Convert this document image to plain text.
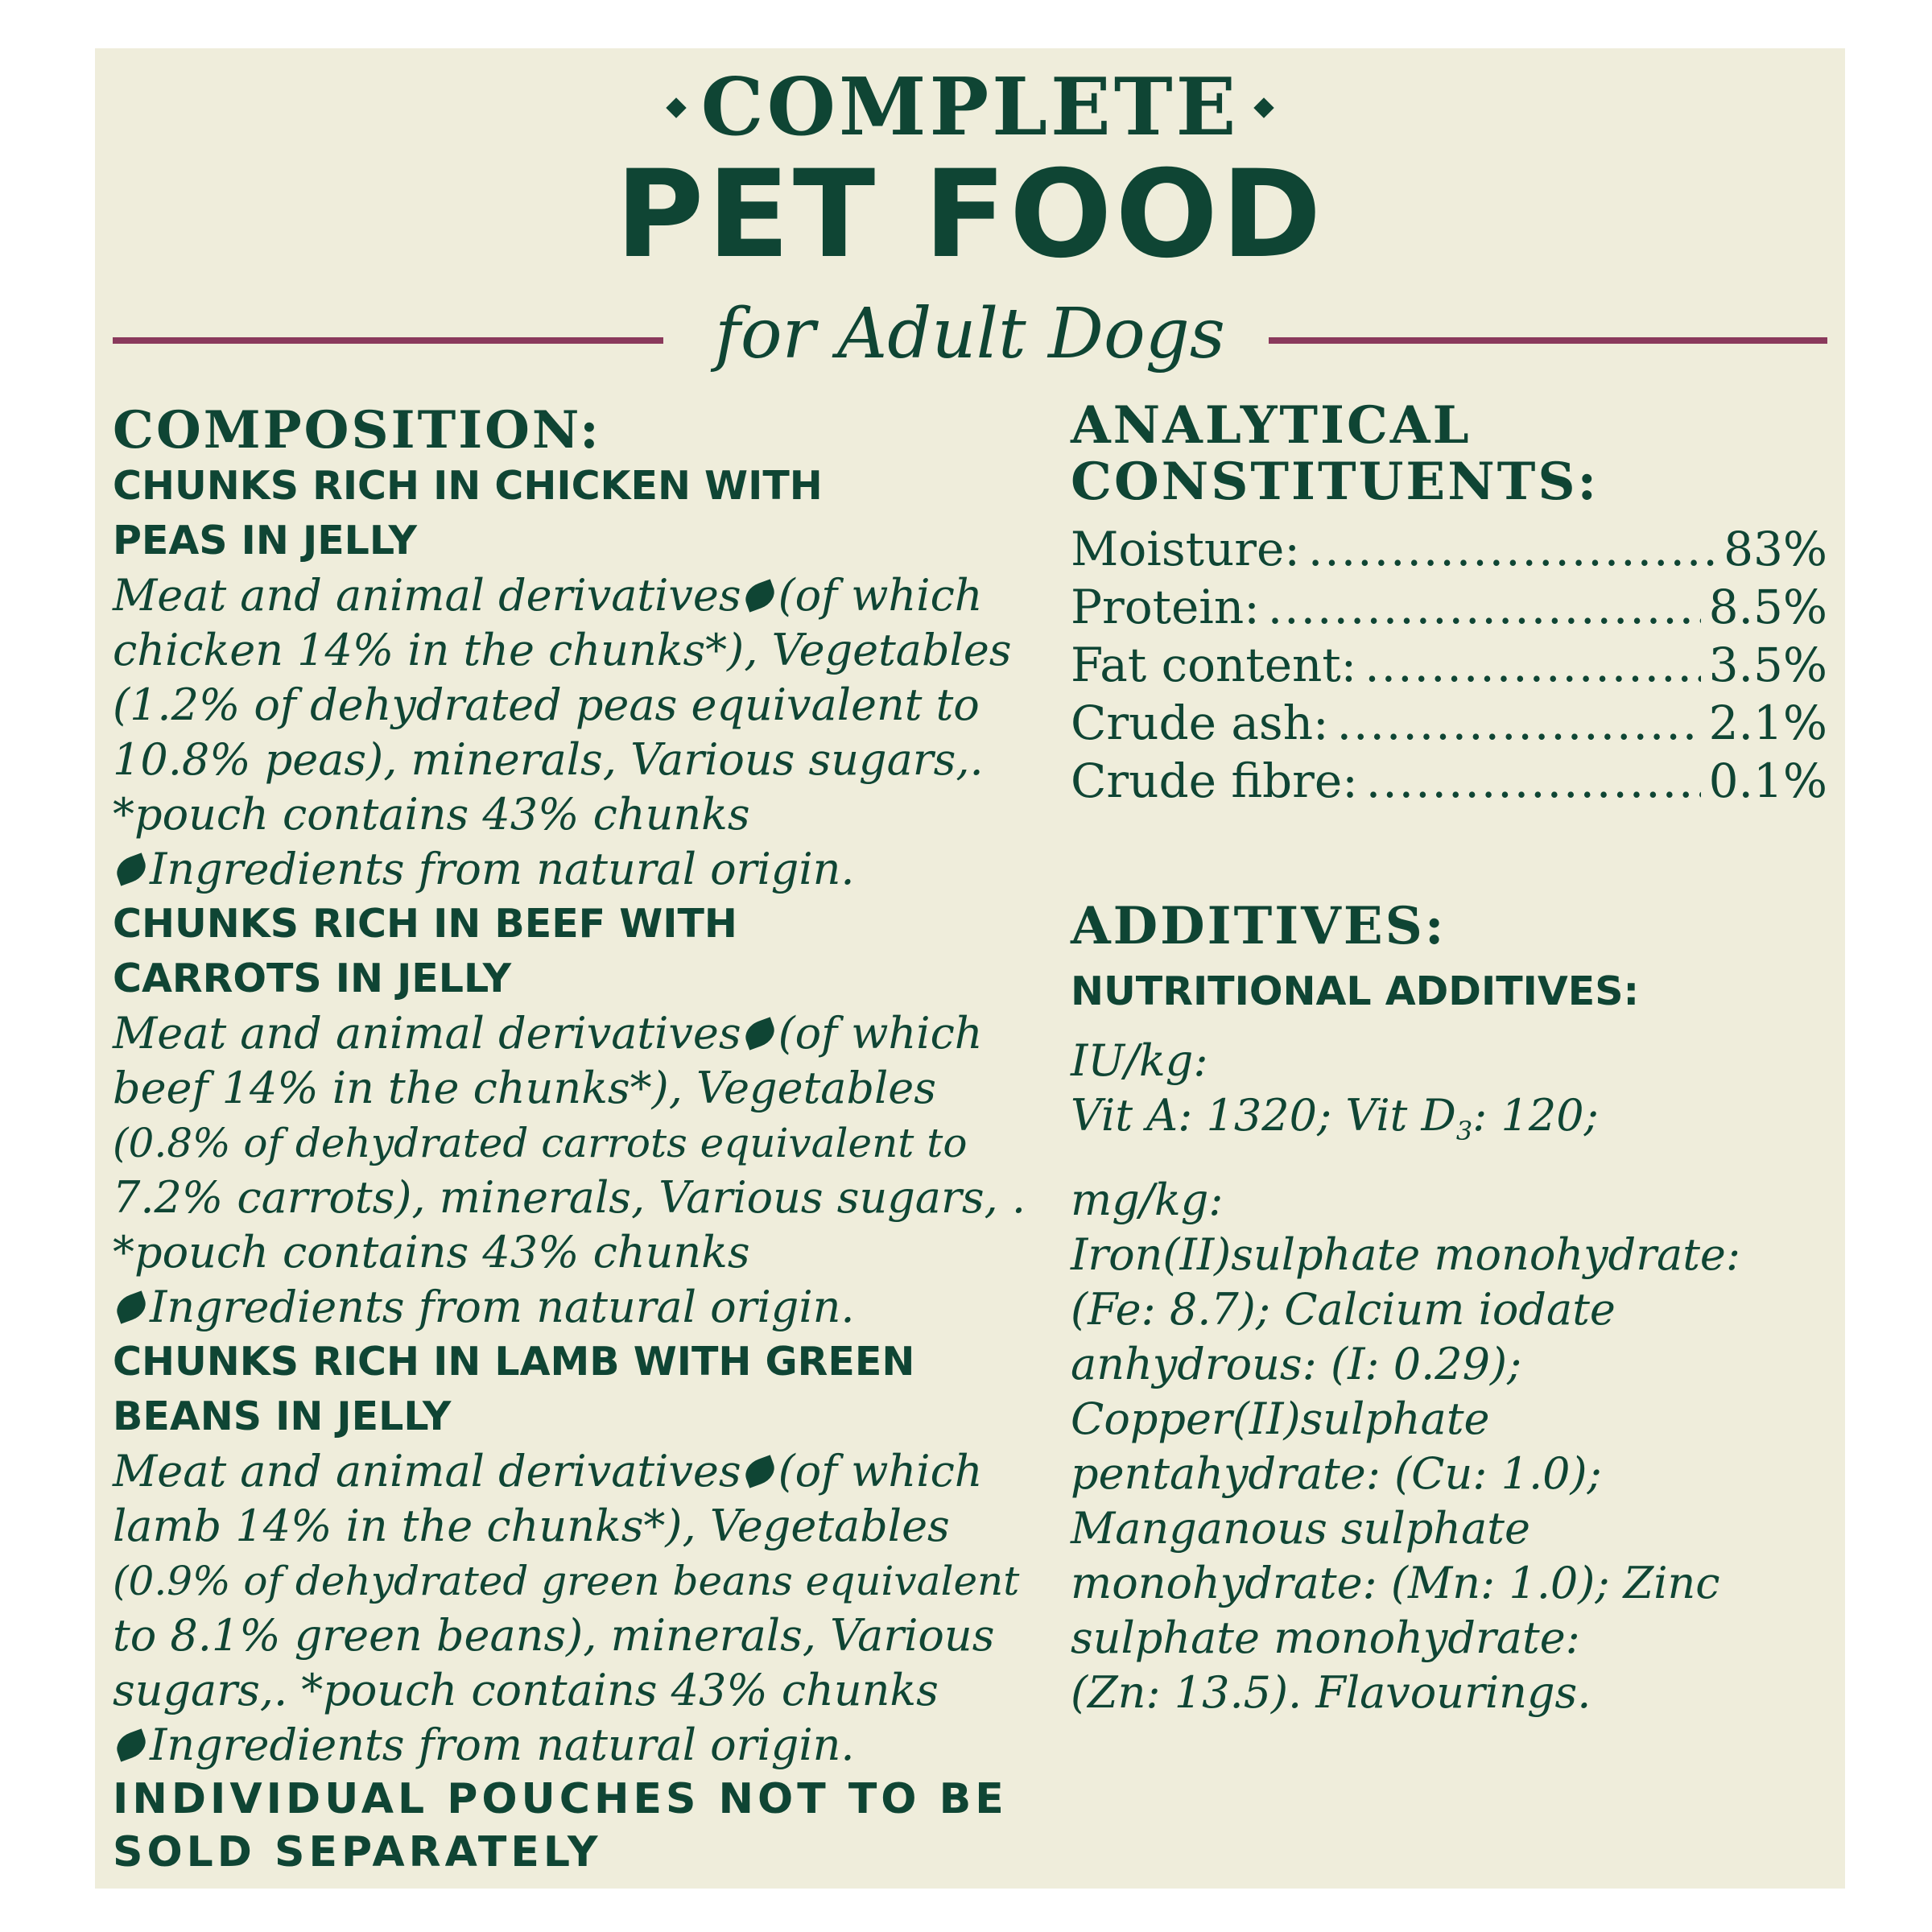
COMPLETE
PET FOOD
for Adult Dogs
COMPOSITION:
CHUNKS RICH IN CHICKEN WITH
PEAS IN JELLY
Meat and animal derivatives (of which
chicken 14% in the chunks*), Vegetables
(1.2% of dehydrated peas equivalent to
10.8% peas), minerals, Various sugars,.
*pouch contains 43% chunks
Ingredients from natural origin.
CHUNKS RICH IN BEEF WITH
CARROTS IN JELLY
Meat and animal derivatives (of which
beef 14% in the chunks*), Vegetables
(0.8% of dehydrated carrots equivalent to
7.2% carrots), minerals, Various sugars, .
*pouch contains 43% chunks
Ingredients from natural origin.
CHUNKS RICH IN LAMB WITH GREEN
BEANS IN JELLY
Meat and animal derivatives (of which
lamb 14% in the chunks*), Vegetables
(0.9% of dehydrated green beans equivalent
to 8.1% green beans), minerals, Various
sugars,. *pouch contains 43% chunks
Ingredients from natural origin.
INDIVIDUAL POUCHES NOT TO BE
SOLD SEPARATELY
ANALYTICAL
CONSTITUENTS:
Moisture: .....	83%
Protein: .....	8.5%
Fat content: .....	3.5%
Crude ash: .....	2.1%
Crude fibre: .....	0.1%
ADDITIVES:
NUTRITIONAL ADDITIVES:
IU/kg:
Vit A: 1320; Vit $D_3$: 120;
mg/kg:
Iron(II)sulphate monohydrate:
(Fe: 8.7); Calcium iodate
anhydrous: (I: 0.29);
Copper(II)sulphate
pentahydrate: (Cu: 1.0);
Manganous sulphate
monohydrate: (Mn: 1.0); Zinc
sulphate monohydrate:
(Zn: 13.5). Flavourings.
